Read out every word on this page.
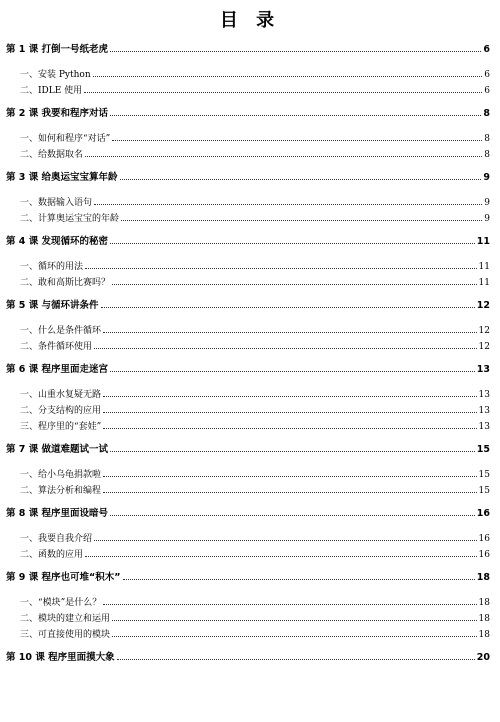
目 录
第 1 课 打倒一号纸老虎	6
一、安装 Python	6
二、IDLE 使用	6
第 2 课 我要和程序对话	8
一、如何和程序“对话”	8
二、给数据取名	8
第 3 课 给奥运宝宝算年龄	9
一、数据输入语句	9
二、计算奥运宝宝的年龄	9
第 4 课 发现循环的秘密	11
一、循环的用法	11
二、敢和高斯比赛吗？	11
第 5 课 与循环讲条件	12
一、什么是条件循环	12
二、条件循环使用	12
第 6 课 程序里面走迷宫	13
一、山重水复疑无路	13
二、分支结构的应用	13
三、程序里的“套娃”	13
第 7 课 做道难题试一试	15
一、给小乌龟捐款啦	15
二、算法分析和编程	15
第 8 课 程序里面设暗号	16
一、我要自我介绍	16
二、函数的应用	16
第 9 课 程序也可堆“积木”	18
一、“模块”是什么？	18
二、模块的建立和运用	18
三、可直接使用的模块	18
第 10 课 程序里面摸大象	20
